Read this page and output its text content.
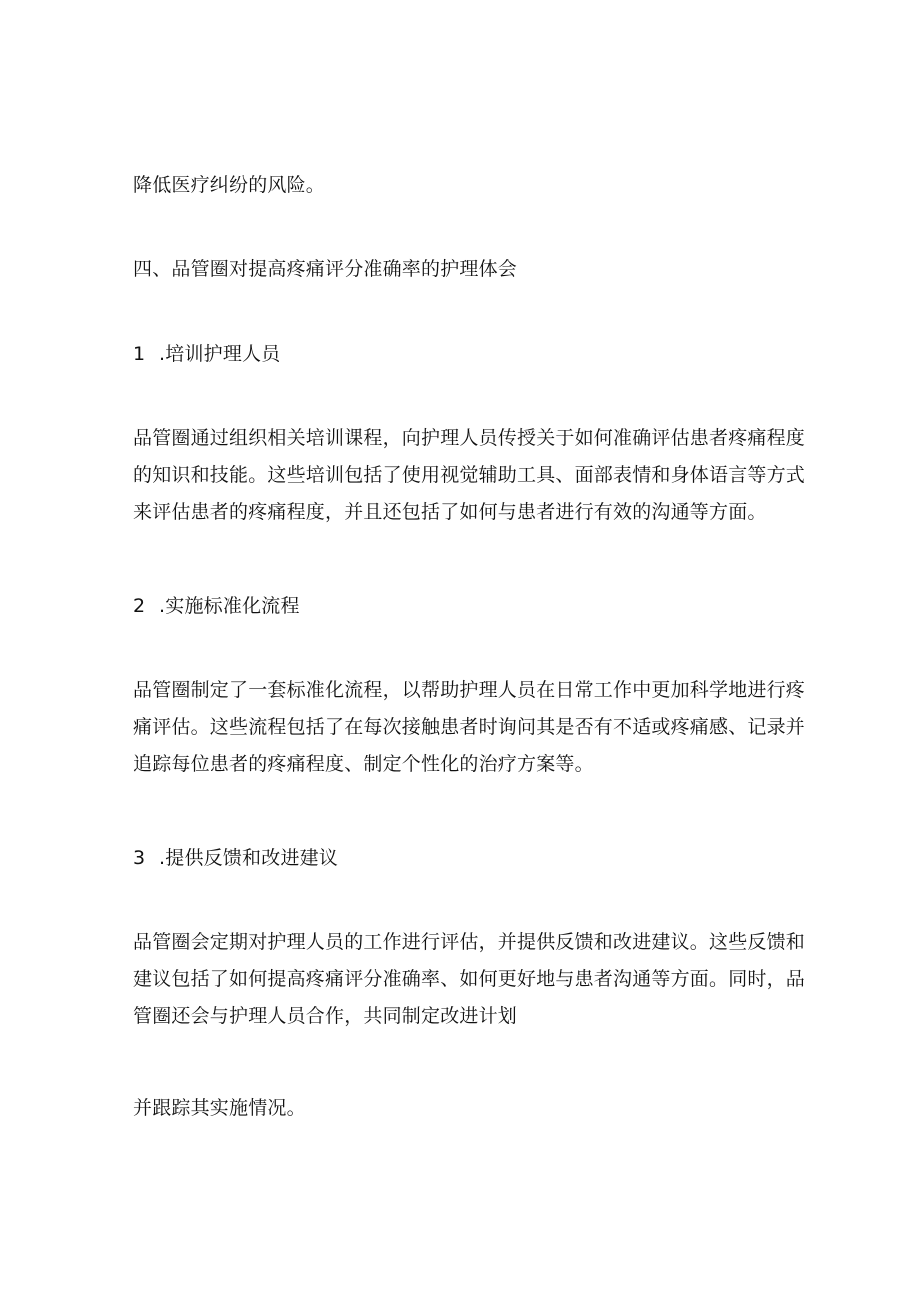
降低医疗纠纷的风险。
四、品管圈对提高疼痛评分准确率的护理体会
1 .培训护理人员
品管圈通过组织相关培训课程，向护理人员传授关于如何准确评估患者疼痛程度的知识和技能。这些培训包括了使用视觉辅助工具、面部表情和身体语言等方式来评估患者的疼痛程度，并且还包括了如何与患者进行有效的沟通等方面。
2 .实施标准化流程
品管圈制定了一套标准化流程，以帮助护理人员在日常工作中更加科学地进行疼痛评估。这些流程包括了在每次接触患者时询问其是否有不适或疼痛感、记录并追踪每位患者的疼痛程度、制定个性化的治疗方案等。
3 .提供反馈和改进建议
品管圈会定期对护理人员的工作进行评估，并提供反馈和改进建议。这些反馈和建议包括了如何提高疼痛评分准确率、如何更好地与患者沟通等方面。同时，品管圈还会与护理人员合作，共同制定改进计划
并跟踪其实施情况。
